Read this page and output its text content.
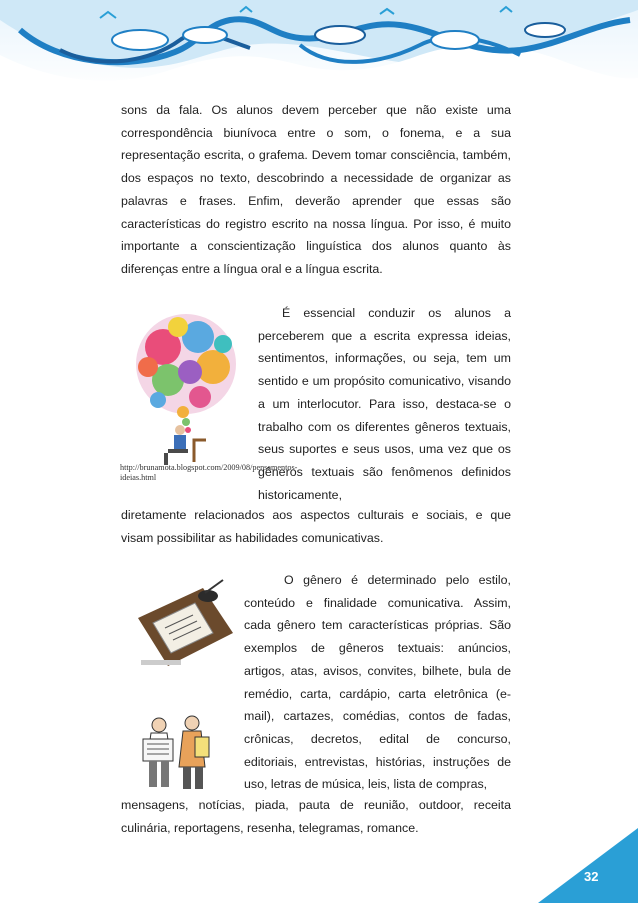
sons da fala. Os alunos devem perceber que não existe uma correspondência biunívoca entre o som, o fonema, e a sua representação escrita, o grafema. Devem tomar consciência, também, dos espaços no texto, descobrindo a necessidade de organizar as palavras e frases. Enfim, deverão aprender que essas são características do registro escrito na nossa língua. Por isso, é muito importante a conscientização linguística dos alunos quanto às diferenças entre a língua oral e a língua escrita.
http://brunamota.blogspot.com/2009/08/pensamentos-ideias.html
É essencial conduzir os alunos a perceberem que a escrita expressa ideias, sentimentos, informações, ou seja, tem um sentido e um propósito comunicativo, visando a um interlocutor. Para isso, destaca-se o trabalho com os diferentes gêneros textuais, seus suportes e seus usos, uma vez que os gêneros textuais são fenômenos definidos historicamente,
diretamente relacionados aos aspectos culturais e sociais, e que visam possibilitar as habilidades comunicativas.
O gênero é determinado pelo estilo, conteúdo e finalidade comunicativa. Assim, cada gênero tem características próprias. São exemplos de gêneros textuais: anúncios, artigos, atas, avisos, convites, bilhete, bula de remédio, carta, cardápio, carta eletrônica (e-mail), cartazes, comédias, contos de fadas, crônicas, decretos, edital de concurso, editoriais, entrevistas, histórias, instruções de uso, letras de música, leis, lista de compras,
mensagens, notícias, piada, pauta de reunião, outdoor, receita culinária, reportagens, resenha, telegramas, romance.
32
